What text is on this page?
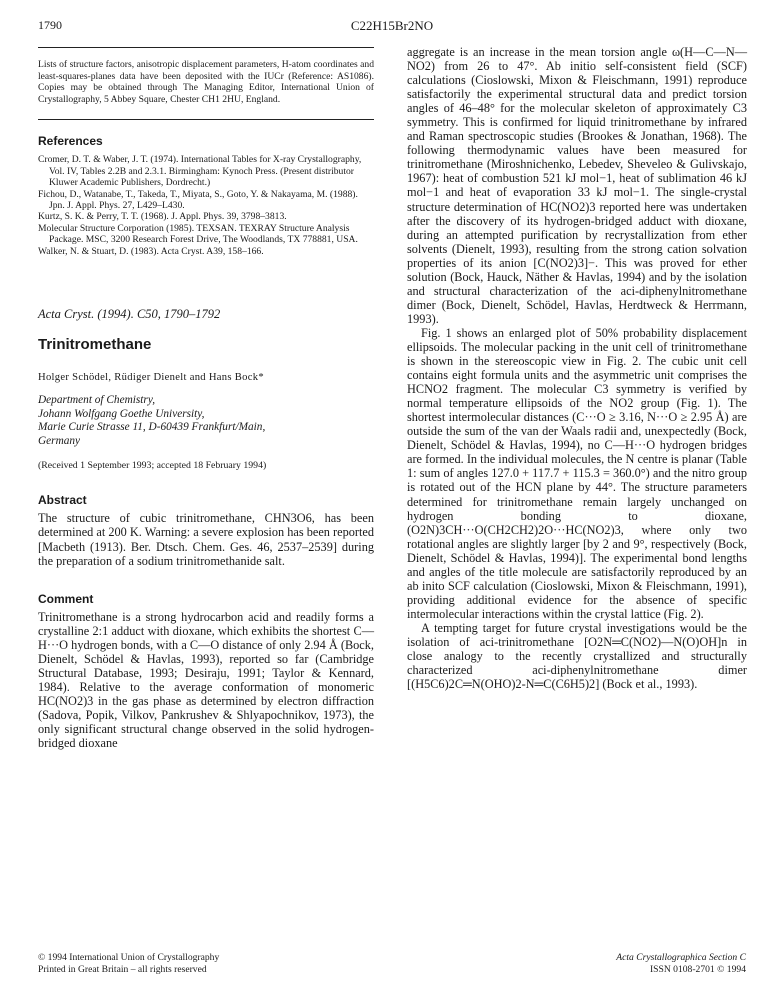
1790	C22H15Br2NO

Lists of structure factors, anisotropic displacement parameters, H-atom coordinates and least-squares-planes data have been deposited with the IUCr (Reference: AS1086). Copies may be obtained through The Managing Editor, International Union of Crystallography, 5 Abbey Square, Chester CH1 2HU, England.

References

Cromer, D. T. & Waber, J. T. (1974). International Tables for X-ray Crystallography, Vol. IV, Tables 2.2B and 2.3.1. Birmingham: Kynoch Press. (Present distributor Kluwer Academic Publishers, Dordrecht.)

Fichou, D., Watanabe, T., Takeda, T., Miyata, S., Goto, Y. & Nakayama, M. (1988). Jpn. J. Appl. Phys. 27, L429–L430.

Kurtz, S. K. & Perry, T. T. (1968). J. Appl. Phys. 39, 3798–3813.

Molecular Structure Corporation (1985). TEXSAN. TEXRAY Structure Analysis Package. MSC, 3200 Research Forest Drive, The Woodlands, TX 778881, USA.

Walker, N. & Stuart, D. (1983). Acta Cryst. A39, 158–166.

Acta Cryst. (1994). C50, 1790–1792
Trinitromethane
Holger Schödel, Rüdiger Dienelt and Hans Bock*
Department of Chemistry,
Johann Wolfgang Goethe University,
Marie Curie Strasse 11, D-60439 Frankfurt/Main,
Germany
(Received 1 September 1993; accepted 18 February 1994)
Abstract

The structure of cubic trinitromethane, CHN3O6, has been determined at 200 K. Warning: a severe explosion has been reported [Macbeth (1913). Ber. Dtsch. Chem. Ges. 46, 2537–2539] during the preparation of a sodium trinitromethanide salt.

Comment

Trinitromethane is a strong hydrocarbon acid and readily forms a crystalline 2:1 adduct with dioxane, which exhibits the shortest C—H···O hydrogen bonds, with a C—O distance of only 2.94 Å (Bock, Dienelt, Schödel & Havlas, 1993), reported so far (Cambridge Structural Database, 1993; Desiraju, 1991; Taylor & Kennard, 1984). Relative to the average conformation of monomeric HC(NO2)3 in the gas phase as determined by electron diffraction (Sadova, Popik, Vilkov, Pankrushev & Shlyapochnikov, 1973), the only significant structural change observed in the solid hydrogen-bridged dioxane

aggregate is an increase in the mean torsion angle ω(H—C—N—NO2) from 26 to 47°. Ab initio self-consistent field (SCF) calculations (Cioslowski, Mixon & Fleischmann, 1991) reproduce satisfactorily the experimental structural data and predict torsion angles of 46–48° for the molecular skeleton of approximately C3 symmetry. This is confirmed for liquid trinitromethane by infrared and Raman spectroscopic studies (Brookes & Jonathan, 1968). The following thermodynamic values have been measured for trinitromethane (Miroshnichenko, Lebedev, Sheveleo & Gulivskajo, 1967): heat of combustion 521 kJ mol−1, heat of sublimation 46 kJ mol−1 and heat of evaporation 33 kJ mol−1. The single-crystal structure determination of HC(NO2)3 reported here was undertaken after the discovery of its hydrogen-bridged adduct with dioxane, during an attempted purification by recrystallization from ether solvents (Dienelt, 1993), resulting from the strong cation solvation properties of its anion [C(NO2)3]−. This was proved for ether solution (Bock, Hauck, Näther & Havlas, 1994) and by the isolation and structural characterization of the aci-diphenylnitromethane dimer (Bock, Dienelt, Schödel, Havlas, Herdtweck & Herrmann, 1993).

Fig. 1 shows an enlarged plot of 50% probability displacement ellipsoids. The molecular packing in the unit cell of trinitromethane is shown in the stereoscopic view in Fig. 2. The cubic unit cell contains eight formula units and the asymmetric unit comprises the HCNO2 fragment. The molecular C3 symmetry is verified by normal temperature ellipsoids of the NO2 group (Fig. 1). The shortest intermolecular distances (C···O ≥ 3.16, N···O ≥ 2.95 Å) are outside the sum of the van der Waals radii and, unexpectedly (Bock, Dienelt, Schödel & Havlas, 1994), no C—H···O hydrogen bridges are formed. In the individual molecules, the N centre is planar (Table 1: sum of angles 127.0 + 117.7 + 115.3 = 360.0°) and the nitro group is rotated out of the HCN plane by 44°. The structure parameters determined for trinitromethane remain largely unchanged on hydrogen bonding to dioxane, (O2N)3CH···O(CH2CH2)2O···HC(NO2)3, where only two rotational angles are slightly larger [by 2 and 9°, respectively (Bock, Dienelt, Schödel & Havlas, 1994)]. The experimental bond lengths and angles of the title molecule are satisfactorily reproduced by an ab inito SCF calculation (Cioslowski, Mixon & Fleischmann, 1991), providing additional evidence for the absence of specific intermolecular interactions within the crystal lattice (Fig. 2).

A tempting target for future crystal investigations would be the isolation of aci-trinitromethane [O2N═C(NO2)—N(O)OH]n in close analogy to the recently crystallized and structurally characterized aci-diphenylnitromethane dimer [(H5C6)2C═N(OHO)2-N═C(C6H5)2] (Bock et al., 1993).

© 1994 International Union of Crystallography
Printed in Great Britain – all rights reserved
Acta Crystallographica Section C
ISSN 0108-2701 © 1994
